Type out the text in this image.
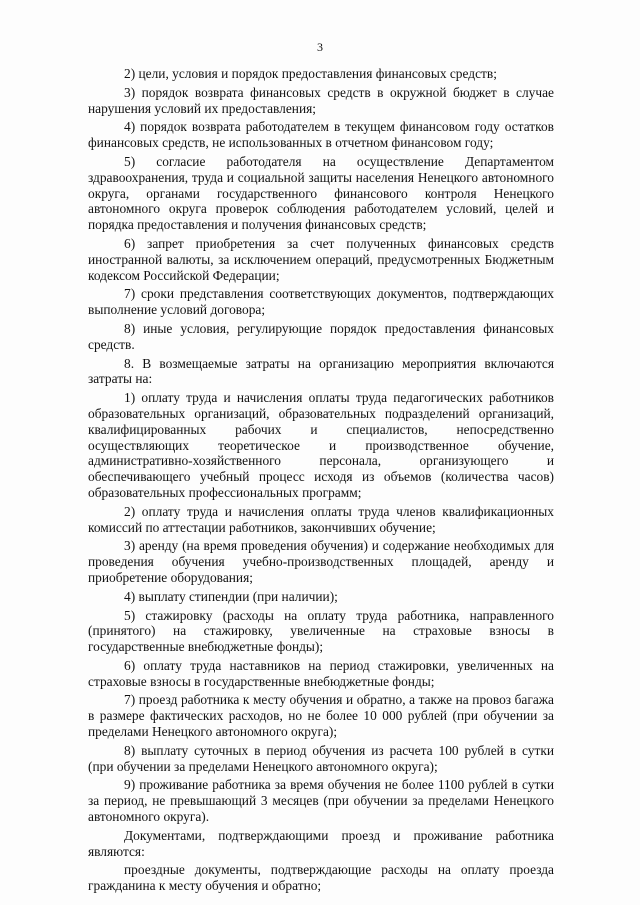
3

2) цели, условия и порядок предоставления финансовых средств;

3) порядок возврата финансовых средств в окружной бюджет в случае нарушения условий их предоставления;

4) порядок возврата работодателем в текущем финансовом году остатков финансовых средств, не использованных в отчетном финансовом году;

5) согласие работодателя на осуществление Департаментом здравоохранения, труда и социальной защиты населения Ненецкого автономного округа, органами государственного финансового контроля Ненецкого автономного округа проверок соблюдения работодателем условий, целей и порядка предоставления и получения финансовых средств;

6) запрет приобретения за счет полученных финансовых средств иностранной валюты, за исключением операций, предусмотренных Бюджетным кодексом Российской Федерации;

7) сроки представления соответствующих документов, подтверждающих выполнение условий договора;

8) иные условия, регулирующие порядок предоставления финансовых средств.

8. В возмещаемые затраты на организацию мероприятия включаются затраты на:

1) оплату труда и начисления оплаты труда педагогических работников образовательных организаций, образовательных подразделений организаций, квалифицированных рабочих и специалистов, непосредственно осуществляющих теоретическое и производственное обучение, административно-хозяйственного персонала, организующего и обеспечивающего учебный процесс исходя из объемов (количества часов) образовательных профессиональных программ;

2) оплату труда и начисления оплаты труда членов квалификационных комиссий по аттестации работников, закончивших обучение;

3) аренду (на время проведения обучения) и содержание необходимых для проведения обучения учебно-производственных площадей, аренду и приобретение оборудования;

4) выплату стипендии (при наличии);

5) стажировку (расходы на оплату труда работника, направленного (принятого) на стажировку, увеличенные на страховые взносы в государственные внебюджетные фонды);

6) оплату труда наставников на период стажировки, увеличенных на страховые взносы в государственные внебюджетные фонды;

7) проезд работника к месту обучения и обратно, а также на провоз багажа в размере фактических расходов, но не более 10 000 рублей (при обучении за пределами Ненецкого автономного округа);

8) выплату суточных в период обучения из расчета 100 рублей в сутки (при обучении за пределами Ненецкого автономного округа);

9) проживание работника за время обучения не более 1100 рублей в сутки за период, не превышающий 3 месяцев (при обучении за пределами Ненецкого автономного округа).

Документами, подтверждающими проезд и проживание работника являются:

проездные документы, подтверждающие расходы на оплату проезда гражданина к месту обучения и обратно;
